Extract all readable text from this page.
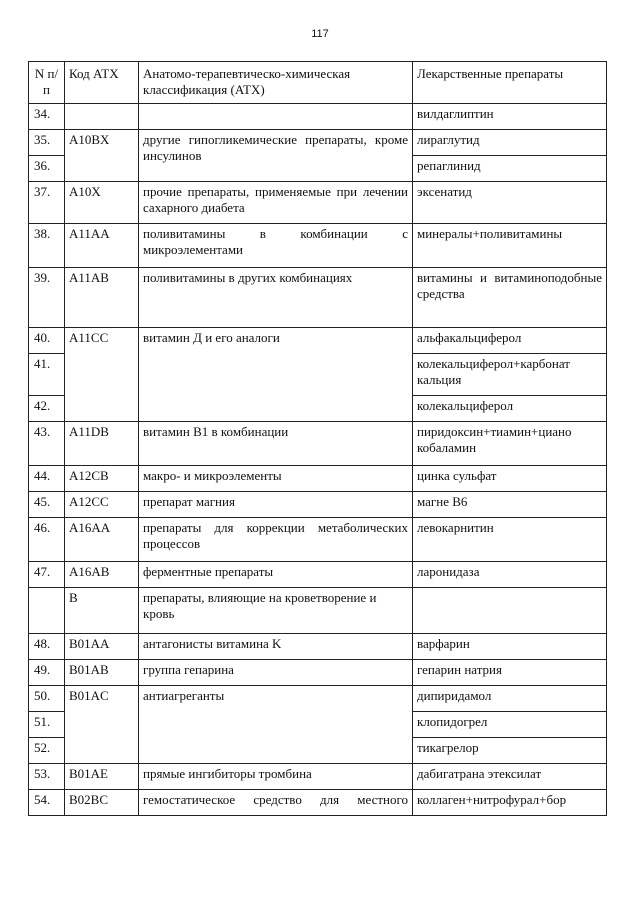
117
N п/п	Код АТХ	Анатомо-терапевтическо-химическая классификация (АТХ)	Лекарственные препараты
34.			вилдаглиптин
35.	A10BX	другие гипогликемические препараты, кроме инсулинов	лираглутид
36.			репаглинид
37.	A10X	прочие препараты, применяемые при лечении сахарного диабета	эксенатид
38.	A11AA	поливитамины в комбинации с микроэлементами	минералы+поливитамины
39.	A11AB	поливитамины в других комбинациях	витамины и витаминоподобные средства
40.	A11CC	витамин Д и его аналоги	альфакальциферол
41.			колекальциферол+карбонат кальция
42.			колекальциферол
43.	A11DB	витамин B1 в комбинации	пиридоксин+тиамин+циано кобаламин
44.	A12CB	макро- и микроэлементы	цинка сульфат
45.	A12CC	препарат магния	магне B6
46.	A16AA	препараты для коррекции метаболических процессов	левокарнитин
47.	A16AB	ферментные препараты	ларонидаза
	B	препараты, влияющие на кроветворение и кровь	
48.	B01AA	антагонисты витамина K	варфарин
49.	B01AB	группа гепарина	гепарин натрия
50.	B01AC	антиагреганты	дипиридамол
51.			клопидогрел
52.			тикагрелор
53.	B01AE	прямые ингибиторы тромбина	дабигатрана этексилат
54.	B02BC	гемостатическое средство для местного	коллаген+нитрофурал+бор
